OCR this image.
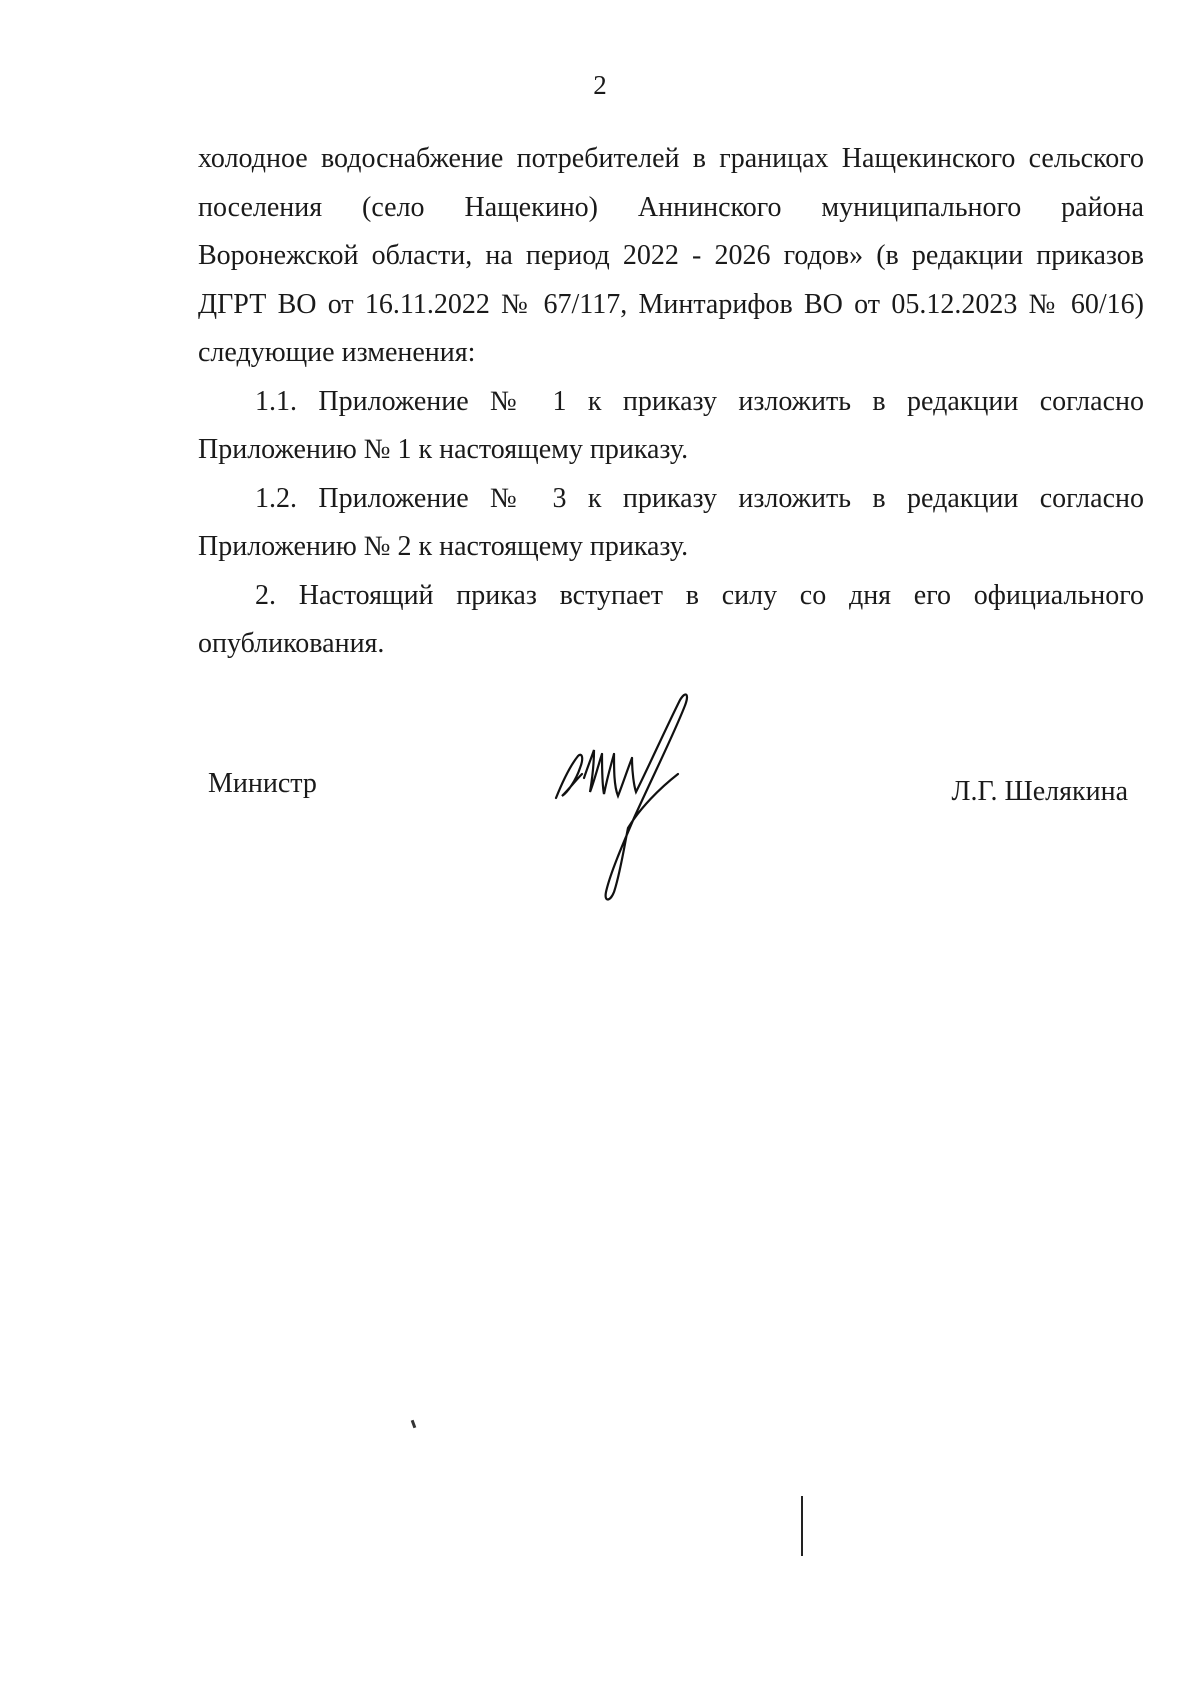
2

холодное водоснабжение потребителей в границах Нащекинского сельского поселения (село Нащекино) Аннинского муниципального района Воронежской области, на период 2022 - 2026 годов» (в редакции приказов ДГРТ ВО от 16.11.2022 № 67/117, Минтарифов ВО от 05.12.2023 № 60/16) следующие изменения:

1.1. Приложение № 1 к приказу изложить в редакции согласно Приложению № 1 к настоящему приказу.

1.2. Приложение № 3 к приказу изложить в редакции согласно Приложению № 2 к настоящему приказу.

2. Настоящий приказ вступает в силу со дня его официального опубликования.

Министр	Л.Г. Шелякина
